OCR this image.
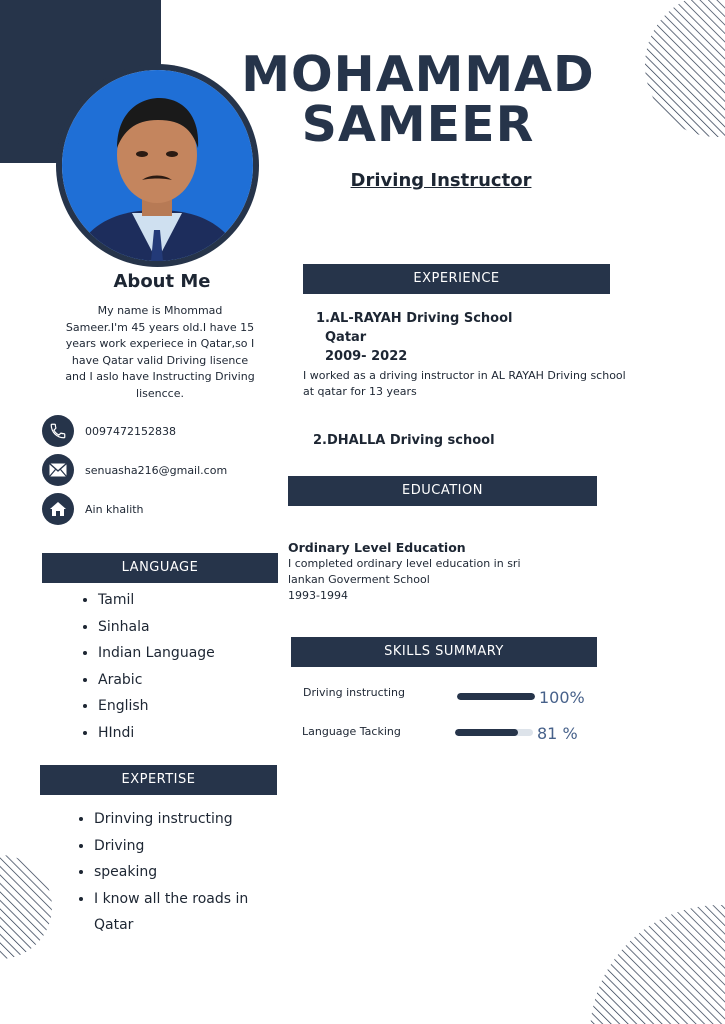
MOHAMMAD
SAMEER
Driving Instructor
About Me
My name is Mhommad
Sameer.I'm 45 years old.I have 15
years work experiece in Qatar,so I
have Qatar valid Driving lisence
and I aslo have Instructing Driving
lisencce.
0097472152838
senuasha216@gmail.com
Ain khalith
LANGUAGE
• Tamil
• Sinhala
• Indian Language
• Arabic
• English
• HIndi
EXPERTISE
• Drinving instructing
• Driving
• speaking
• I know all the roads in Qatar
EXPERIENCE
1.AL-RAYAH Driving School
Qatar
2009- 2022
I worked as a driving instructor in AL RAYAH Driving school
at qatar for 13 years
2.DHALLA Driving school
EDUCATION
Ordinary Level Education
I completed ordinary level education in sri
lankan Goverment School
1993-1994
SKILLS SUMMARY
Driving instructing	100%
Language Tacking	81 %
